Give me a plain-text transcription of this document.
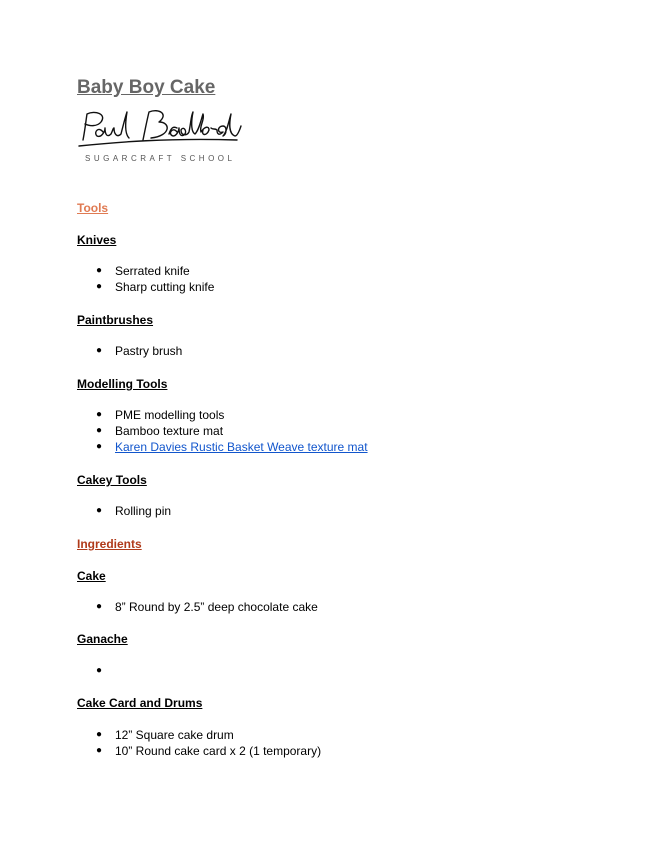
Baby Boy Cake
SUGARCRAFT SCHOOL
Tools
Knives
● Serrated knife
● Sharp cutting knife
Paintbrushes
● Pastry brush
Modelling Tools
● PME modelling tools
● Bamboo texture mat
● Karen Davies Rustic Basket Weave texture mat
Cakey Tools
● Rolling pin
Ingredients
Cake
● 8” Round by 2.5” deep chocolate cake
Ganache
●
Cake Card and Drums
● 12” Square cake drum
● 10” Round cake card x 2 (1 temporary)
